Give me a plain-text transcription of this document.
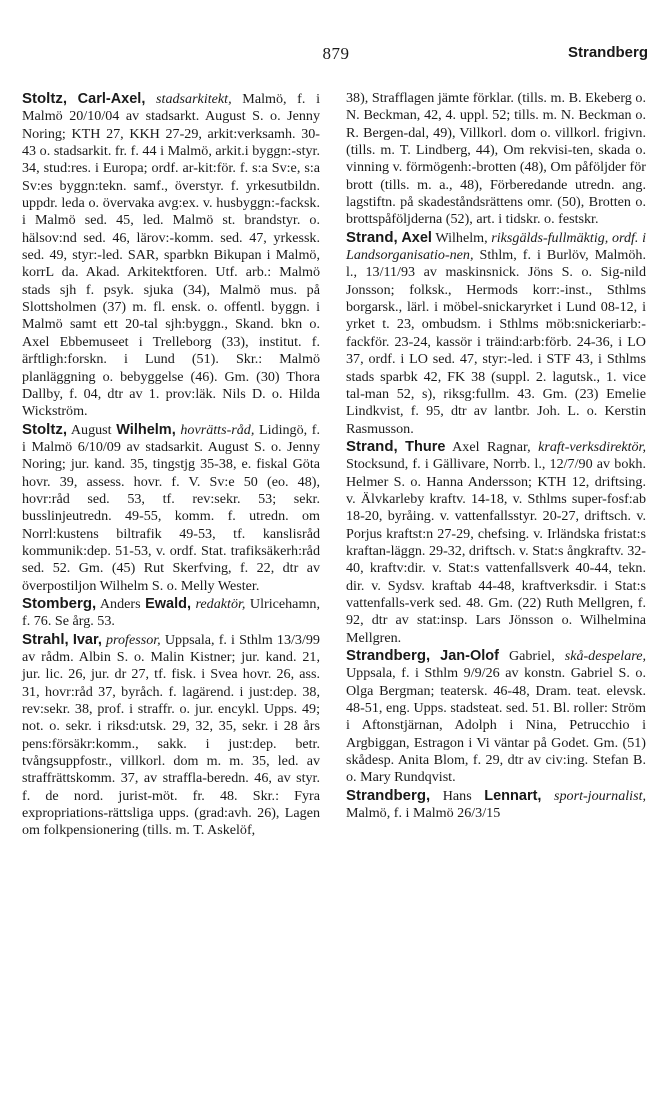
879	Strandberg

Stoltz, Carl-Axel, stadsarkitekt, Malmö, f. i Malmö 20/10/04 av stadsarkt. August S. o. Jenny Noring; KTH 27, KKH 27-29, arkit:verksamh. 30-43 o. stadsarkit. fr. f. 44 i Malmö, arkit.i byggn:-styr. 34, stud:res. i Europa; ordf. ar-kit:för. f. s:a Sv:e, s:a Sv:es byggn:tekn. samf., överstyr. f. yrkesutbildn. uppdr. leda o. övervaka avg:ex. v. husbyggn:-facksk. i Malmö sed. 45, led. Malmö st. brandstyr. o. hälsov:nd sed. 46, lärov:-komm. sed. 47, yrkessk. sed. 49, styr:-led. SAR, sparbkn Bikupan i Malmö, korrL da. Akad. Arkitektforen. Utf. arb.: Malmö stads sjh f. psyk. sjuka (34), Malmö mus. på Slottsholmen (37) m. fl. ensk. o. offentl. byggn. i Malmö samt ett 20-tal sjh:byggn., Skand. bkn o. Axel Ebbemuseet i Trelleborg (33), institut. f. ärftligh:forskn. i Lund (51). Skr.: Malmö planläggning o. bebyggelse (46). Gm. (30) Thora Dallby, f. 04, dtr av 1. prov:läk. Nils D. o. Hilda Wickström.

Stoltz, August Wilhelm, hovrätts-råd, Lidingö, f. i Malmö 6/10/09 av stadsarkit. August S. o. Jenny Noring; jur. kand. 35, tingstjg 35-38, e. fiskal Göta hovr. 39, assess. hovr. f. V. Sv:e 50 (eo. 48), hovr:råd sed. 53, tf. rev:sekr. 53; sekr. busslinjeutredn. 49-55, komm. f. utredn. om Norrl:kustens biltrafik 49-53, tf. kanslisråd kommunik:dep. 51-53, v. ordf. Stat. trafiksäkerh:råd sed. 52. Gm. (45) Rut Skerfving, f. 22, dtr av överpostiljon Wilhelm S. o. Melly Wester.

Stomberg, Anders Ewald, redaktör, Ulricehamn, f. 76. Se årg. 53.

Strahl, Ivar, professor, Uppsala, f. i Sthlm 13/3/99 av rådm. Albin S. o. Malin Kistner; jur. kand. 21, jur. lic. 26, jur. dr 27, tf. fisk. i Svea hovr. 26, ass. 31, hovr:råd 37, byråch. f. lagärend. i just:dep. 38, rev:sekr. 38, prof. i straffr. o. jur. encykl. Upps. 49; not. o. sekr. i riksd:utsk. 29, 32, 35, sekr. i 28 års pens:försäkr:komm., sakk. i just:dep. betr. tvångsuppfostr., villkorl. dom m. m. 35, led. av straffrättskomm. 37, av straffla-beredn. 46, av styr. f. de nord. jurist-möt. fr. 48. Skr.: Fyra expropriations-rättsliga upps. (grad:avh. 26), Lagen om folkpensionering (tills. m. T. Askelöf,

38), Strafflagen jämte förklar. (tills. m. B. Ekeberg o. N. Beckman, 42, 4. uppl. 52; tills. m. N. Beckman o. R. Bergen-dal, 49), Villkorl. dom o. villkorl. frigivn. (tills. m. T. Lindberg, 44), Om rekvisi-ten, skada o. vinning v. förmögenh:-brotten (48), Om påföljder för brott (tills. m. a., 48), Förberedande utredn. ang. lagstiftn. på skadeståndsrättens omr. (50), Brotten o. brottspåföljderna (52), art. i tidskr. o. festskr.

Strand, Axel Wilhelm, riksgälds-fullmäktig, ordf. i Landsorganisatio-nen, Sthlm, f. i Burlöv, Malmöh. l., 13/11/93 av maskinsnick. Jöns S. o. Sig-nild Jonsson; folksk., Hermods korr:-inst., Sthlms borgarsk., lärl. i möbel-snickaryrket i Lund 08-12, i yrket t. 23, ombudsm. i Sthlms möb:snickeriarb:-fackför. 23-24, kassör i träind:arb:förb. 24-36, i LO 37, ordf. i LO sed. 47, styr:-led. i STF 43, i Sthlms stads sparbk 42, FK 38 (suppl. 2. lagutsk., 1. vice tal-man 52, s), riksg:fullm. 43. Gm. (23) Emelie Lindkvist, f. 95, dtr av lantbr. Joh. L. o. Kerstin Rasmusson.

Strand, Thure Axel Ragnar, kraft-verksdirektör, Stocksund, f. i Gällivare, Norrb. l., 12/7/90 av bokh. Helmer S. o. Hanna Andersson; KTH 12, driftsing. v. Älvkarleby kraftv. 14-18, v. Sthlms super-fosf:ab 18-20, byråing. v. vattenfallsstyr. 20-27, driftsch. v. Porjus kraftst:n 27-29, chefsing. v. Irländska fristat:s kraftan-läggn. 29-32, driftsch. v. Stat:s ångkraftv. 32-40, kraftv:dir. v. Stat:s vattenfallsverk 40-44, tekn. dir. v. Sydsv. kraftab 44-48, kraftverksdir. i Stat:s vattenfalls-verk sed. 48. Gm. (22) Ruth Mellgren, f. 92, dtr av stat:insp. Lars Jönsson o. Wilhelmina Mellgren.

Strandberg, Jan-Olof Gabriel, skå-despelare, Uppsala, f. i Sthlm 9/9/26 av konstn. Gabriel S. o. Olga Bergman; teatersk. 46-48, Dram. teat. elevsk. 48-51, eng. Upps. stadsteat. sed. 51. Bl. roller: Ström i Aftonstjärnan, Adolph i Nina, Petrucchio i Argbiggan, Estragon i Vi väntar på Godet. Gm. (51) skådesp. Anita Blom, f. 29, dtr av civ:ing. Stefan B. o. Mary Rundqvist.

Strandberg, Hans Lennart, sport-journalist, Malmö, f. i Malmö 26/3/15
